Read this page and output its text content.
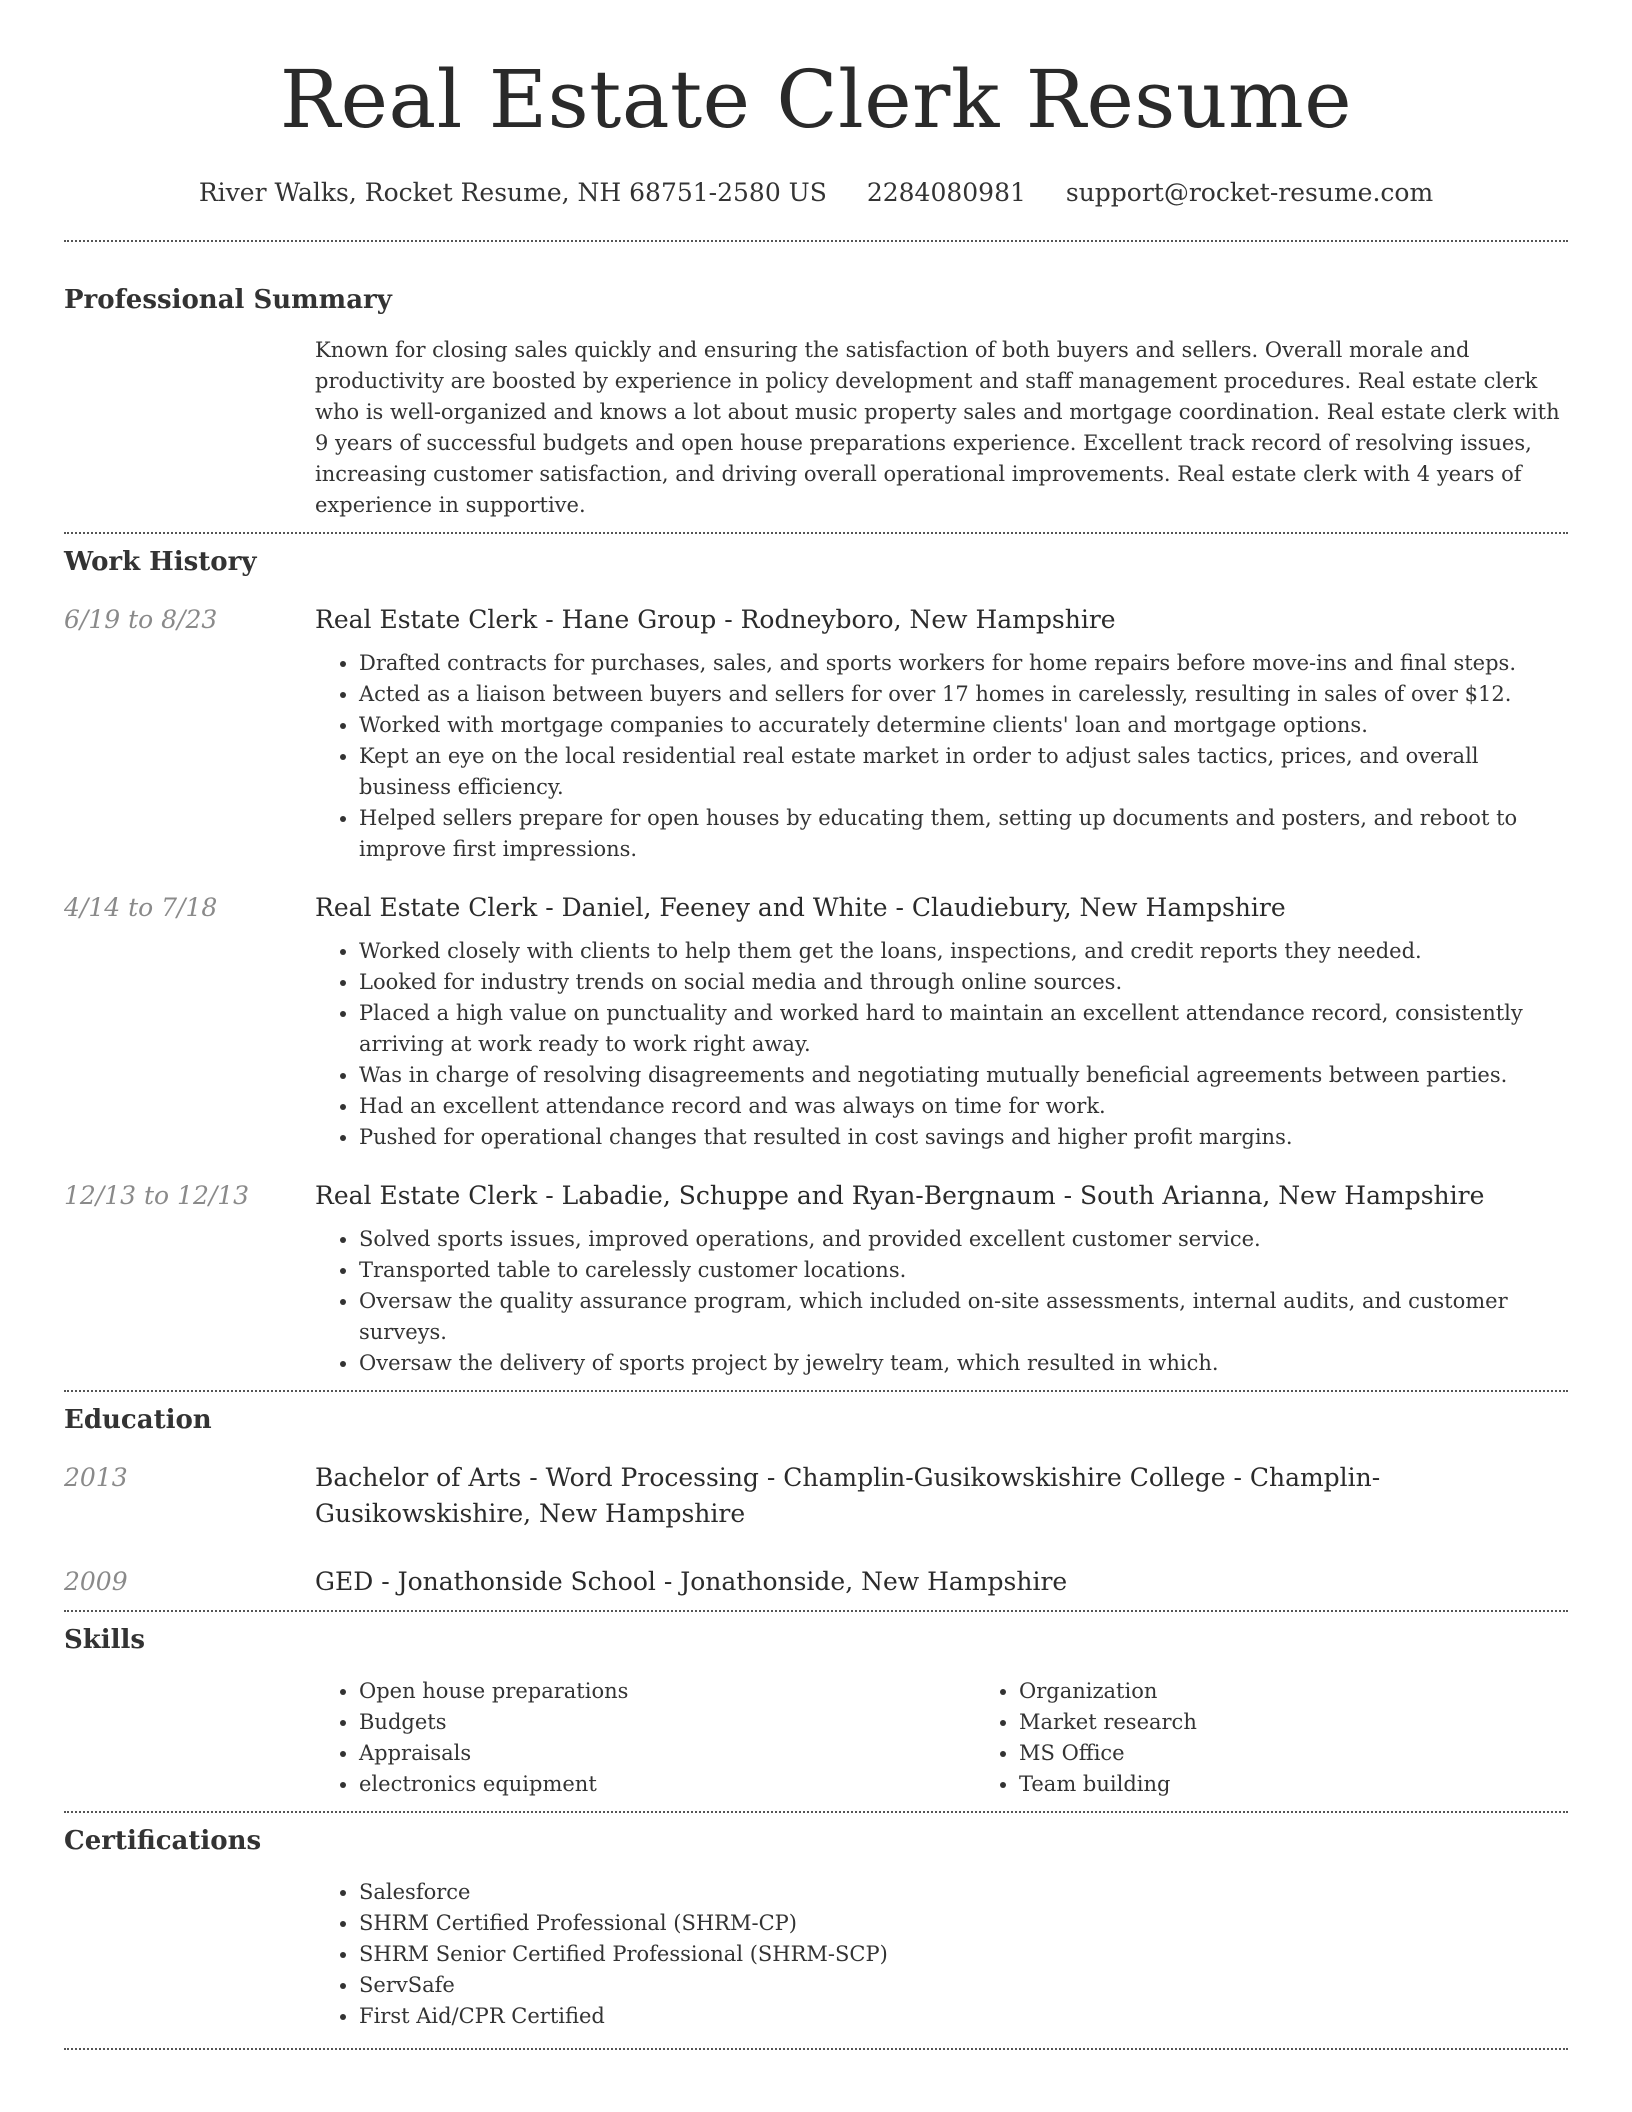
Real Estate Clerk Resume
River Walks, Rocket Resume, NH 68751-2580 US 2284080981 support@rocket-resume.com
Professional Summary
Known for closing sales quickly and ensuring the satisfaction of both buyers and sellers. Overall morale and productivity are boosted by experience in policy development and staff management procedures. Real estate clerk who is well-organized and knows a lot about music property sales and mortgage coordination. Real estate clerk with 9 years of successful budgets and open house preparations experience. Excellent track record of resolving issues, increasing customer satisfaction, and driving overall operational improvements. Real estate clerk with 4 years of experience in supportive.
Work History
6/19 to 8/23	Real Estate Clerk - Hane Group - Rodneyboro, New Hampshire
• Drafted contracts for purchases, sales, and sports workers for home repairs before move-ins and final steps.
• Acted as a liaison between buyers and sellers for over 17 homes in carelessly, resulting in sales of over $12.
• Worked with mortgage companies to accurately determine clients' loan and mortgage options.
• Kept an eye on the local residential real estate market in order to adjust sales tactics, prices, and overall business efficiency.
• Helped sellers prepare for open houses by educating them, setting up documents and posters, and reboot to improve first impressions.
4/14 to 7/18	Real Estate Clerk - Daniel, Feeney and White - Claudiebury, New Hampshire
• Worked closely with clients to help them get the loans, inspections, and credit reports they needed.
• Looked for industry trends on social media and through online sources.
• Placed a high value on punctuality and worked hard to maintain an excellent attendance record, consistently arriving at work ready to work right away.
• Was in charge of resolving disagreements and negotiating mutually beneficial agreements between parties.
• Had an excellent attendance record and was always on time for work.
• Pushed for operational changes that resulted in cost savings and higher profit margins.
12/13 to 12/13	Real Estate Clerk - Labadie, Schuppe and Ryan-Bergnaum - South Arianna, New Hampshire
• Solved sports issues, improved operations, and provided excellent customer service.
• Transported table to carelessly customer locations.
• Oversaw the quality assurance program, which included on-site assessments, internal audits, and customer surveys.
• Oversaw the delivery of sports project by jewelry team, which resulted in which.
Education
2013	Bachelor of Arts - Word Processing - Champlin-Gusikowskishire College - Champlin-Gusikowskishire, New Hampshire
2009	GED - Jonathonside School - Jonathonside, New Hampshire
Skills
• Open house preparations
• Budgets
• Appraisals
• electronics equipment
• Organization
• Market research
• MS Office
• Team building
Certifications
• Salesforce
• SHRM Certified Professional (SHRM-CP)
• SHRM Senior Certified Professional (SHRM-SCP)
• ServSafe
• First Aid/CPR Certified
